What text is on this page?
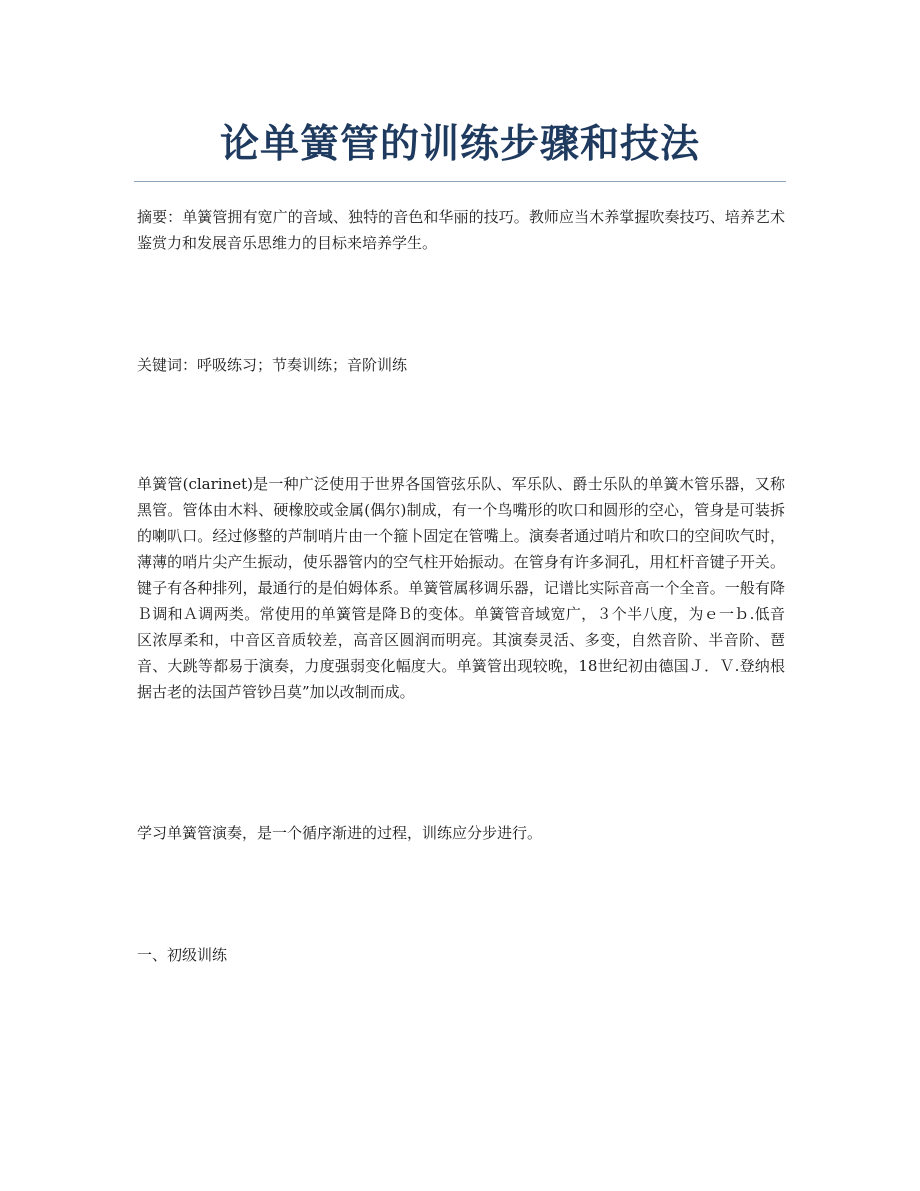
论单簧管的训练步骤和技法

摘要：单簧管拥有宽广的音域、独特的音色和华丽的技巧。教师应当木养掌握吹奏技巧、培养艺术鉴赏力和发展音乐思维力的目标来培养学生。

关键词：呼吸练习；节奏训练；音阶训练

单簧管(clarinet)是一种广泛使用于世界各国管弦乐队、军乐队、爵士乐队的单簧木管乐器，又称黑管。管体由木料、硬橡胶或金属(偶尔)制成，有一个鸟嘴形的吹口和圆形的空心，管身是可装拆的喇叭口。经过修整的芦制哨片由一个箍卜固定在管嘴上。演奏者通过哨片和吹口的空间吹气时，薄薄的哨片尖产生振动，使乐器管内的空气柱开始振动。在管身有许多洞孔，用杠杆音键子开关。键子有各种排列，最通行的是伯姆体系。单簧管属移调乐器，记谱比实际音高一个全音。一般有降Ｂ调和Ａ调两类。常使用的单簧管是降Ｂ的变体。单簧管音域宽广，３个半八度，为ｅ一ｂ.低音区浓厚柔和，中音区音质较差，高音区圆润而明亮。其演奏灵活、多变，自然音阶、半音阶、琶音、大跳等都易于演奏，力度强弱变化幅度大。单簧管出现较晚，18世纪初由德国Ｊ．Ｖ.登纳根据古老的法国芦管钞吕莫”加以改制而成。

学习单簧管演奏，是一个循序渐进的过程，训练应分步进行。

一、初级训练
